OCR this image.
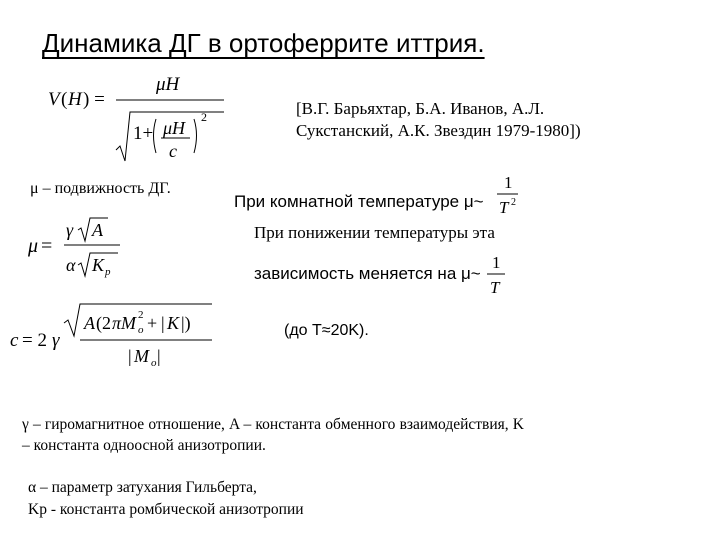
Динамика ДГ в ортоферрите иттрия.
V ( H ) =
μH
1+ μH
c
2	[В.Г. Барьяхтар, Б.А. Иванов, А.Л. Сукстанский, А.К. Звездин 1979-1980])
μ – подвижность ДГ.
При комнатной температуре μ~
1
T 2
μ =
γ A
α K p
При понижении температуры эта
зависимость меняется на μ~
1
T
c = 2 γ
A (2 πM 2
o + | K |)
| M o |
(до T≈20K).
γ – гиромагнитное отношение, A – константа обменного взаимодействия, K – константа одноосной анизотропии.
α – параметр затухания Гильберта,
Kp - константа ромбической анизотропии
